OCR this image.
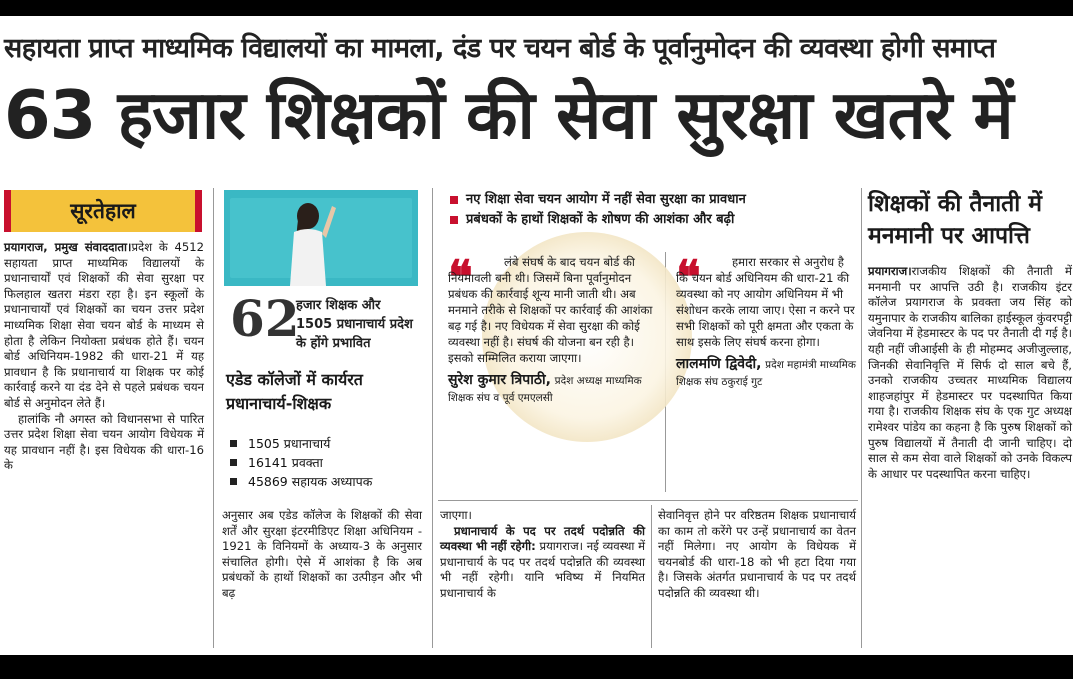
सहायता प्राप्त माध्यमिक विद्यालयों का मामला, दंड पर चयन बोर्ड के पूर्वानुमोदन की व्यवस्था होगी समाप्त
63 हजार शिक्षकों की सेवा सुरक्षा खतरे में
सूरतेहाल

प्रयागराज, प्रमुख संवाददाता।प्रदेश के 4512 सहायता प्राप्त माध्यमिक विद्यालयों के प्रधानाचार्यों एवं शिक्षकों की सेवा सुरक्षा पर फिलहाल खतरा मंडरा रहा है। इन स्कूलों के प्रधानाचार्यों एवं शिक्षकों का चयन उत्तर प्रदेश माध्यमिक शिक्षा सेवा चयन बोर्ड के माध्यम से होता है लेकिन नियोक्ता प्रबंधक होते हैं। चयन बोर्ड अधिनियम-1982 की धारा-21 में यह प्रावधान है कि प्रधानाचार्य या शिक्षक पर कोई कार्रवाई करने या दंड देने से पहले प्रबंधक चयन बोर्ड से अनुमोदन लेते हैं।

हालांकि नौ अगस्त को विधानसभा से पारित उत्तर प्रदेश शिक्षा सेवा चयन आयोग विधेयक में यह प्रावधान नहीं है। इस विधेयक की धारा-16 के

62
हजार शिक्षक और 1505 प्रधानाचार्य प्रदेश के होंगे प्रभावित
एडेड कॉलेजों में कार्यरत प्रधानाचार्य-शिक्षक
1505 प्रधानाचार्य
16141 प्रवक्ता
45869 सहायक अध्यापक
अनुसार अब एडेड कॉलेज के शिक्षकों की सेवा शर्तें और सुरक्षा इंटरमीडिएट शिक्षा अधिनियम - 1921 के विनियमों के अध्याय-3 के अनुसार संचालित होगी। ऐसे में आशंका है कि अब प्रबंधकों के हाथों शिक्षकों का उत्पीड़न और भी बढ़
नए शिक्षा सेवा चयन आयोग में नहीं सेवा सुरक्षा का प्रावधान
प्रबंधकों के हाथों शिक्षकों के शोषण की आशंका और बढ़ी
❝	लंबे संघर्ष के बाद चयन बोर्ड की नियमावली बनी थी। जिसमें बिना पूर्वानुमोदन प्रबंधक की कार्रवाई शून्य मानी जाती थी। अब मनमाने तरीके से शिक्षकों पर कार्रवाई की आशंका बढ़ गई है। नए विधेयक में सेवा सुरक्षा की कोई व्यवस्था नहीं है। संघर्ष की योजना बन रही है। इसको सम्मिलित कराया जाएगा।
सुरेश कुमार त्रिपाठी, प्रदेश अध्यक्ष माध्यमिक शिक्षक संघ व पूर्व एमएलसी
❝	हमारा सरकार से अनुरोध है कि चयन बोर्ड अधिनियम की धारा-21 की व्यवस्था को नए आयोग अधिनियम में भी संशोधन करके लाया जाए। ऐसा न करने पर सभी शिक्षकों को पूरी क्षमता और एकता के साथ इसके लिए संघर्ष करना होगा।
लालमणि द्विवेदी, प्रदेश महामंत्री माध्यमिक शिक्षक संघ ठकुराई गुट

जाएगा।

प्रधानाचार्य के पद पर तदर्थ पदोन्नति की व्यवस्था भी नहीं रहेगी: प्रयागराज। नई व्यवस्था में प्रधानाचार्य के पद पर तदर्थ पदोन्नति की व्यवस्था भी नहीं रहेगी। यानि भविष्य में नियमित प्रधानाचार्य के

सेवानिवृत्त होने पर वरिष्ठतम शिक्षक प्रधानाचार्य का काम तो करेंगे पर उन्हें प्रधानाचार्य का वेतन नहीं मिलेगा। नए आयोग के विधेयक में चयनबोर्ड की धारा-18 को भी हटा दिया गया है। जिसके अंतर्गत प्रधानाचार्य के पद पर तदर्थ पदोन्नति की व्यवस्था थी।
शिक्षकों की तैनाती में मनमानी पर आपत्ति
प्रयागराज।राजकीय शिक्षकों की तैनाती में मनमानी पर आपत्ति उठी है। राजकीय इंटर कॉलेज प्रयागराज के प्रवक्ता जय सिंह को यमुनापार के राजकीय बालिका हाईस्कूल कुंवरपट्टी जेवनिया में हेडमास्टर के पद पर तैनाती दी गई है। यही नहीं जीआईसी के ही मोहम्मद अजीजुल्लाह, जिनकी सेवानिवृत्ति में सिर्फ दो साल बचे हैं, उनको राजकीय उच्चतर माध्यमिक विद्यालय शाहजहांपुर में हेडमास्टर पर पदस्थापित किया गया है। राजकीय शिक्षक संघ के एक गुट अध्यक्ष रामेश्वर पांडेय का कहना है कि पुरुष शिक्षकों को पुरुष विद्यालयों में तैनाती दी जानी चाहिए। दो साल से कम सेवा वाले शिक्षकों को उनके विकल्प के आधार पर पदस्थापित करना चाहिए।
